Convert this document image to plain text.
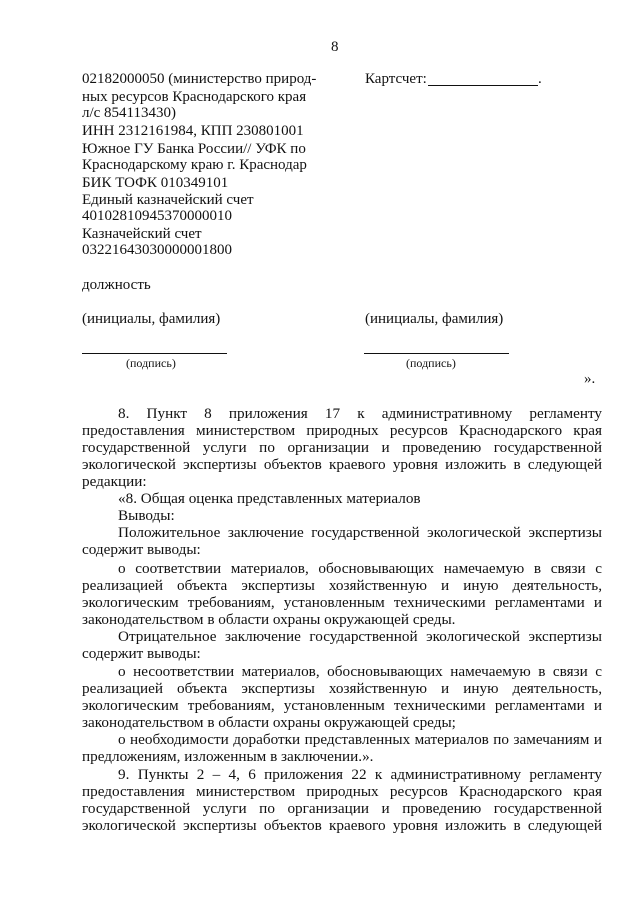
8
02182000050 (министерство природ-
ных ресурсов Краснодарского края
л/с 854113430)
ИНН 2312161984, КПП 230801001
Южное ГУ Банка России// УФК по
Краснодарскому краю г. Краснодар
БИК ТОФК 010349101
Единый казначейский счет
40102810945370000010
Казначейский счет
03221643030000001800
Картсчет:	.
должность
(инициалы, фамилия)	(инициалы, фамилия)
(подпись)	(подпись)
».
8. Пункт 8 приложения 17 к административному регламенту
предоставления министерством природных ресурсов Краснодарского края
государственной услуги по организации и проведению государственной
экологической экспертизы объектов краевого уровня изложить в следующей
редакции:
«8. Общая оценка представленных материалов
Выводы:
Положительное заключение государственной экологической экспертизы
содержит выводы:
о соответствии материалов, обосновывающих намечаемую в связи с
реализацией объекта экспертизы хозяйственную и иную деятельность,
экологическим требованиям, установленным техническими регламентами и
законодательством в области охраны окружающей среды.
Отрицательное заключение государственной экологической экспертизы
содержит выводы:
о несоответствии материалов, обосновывающих намечаемую в связи с
реализацией объекта экспертизы хозяйственную и иную деятельность,
экологическим требованиям, установленным техническими регламентами и
законодательством в области охраны окружающей среды;
о необходимости доработки представленных материалов по замечаниям и
предложениям, изложенным в заключении.».
9. Пункты 2 – 4, 6 приложения 22 к административному регламенту
предоставления министерством природных ресурсов Краснодарского края
государственной услуги по организации и проведению государственной
экологической экспертизы объектов краевого уровня изложить в следующей
